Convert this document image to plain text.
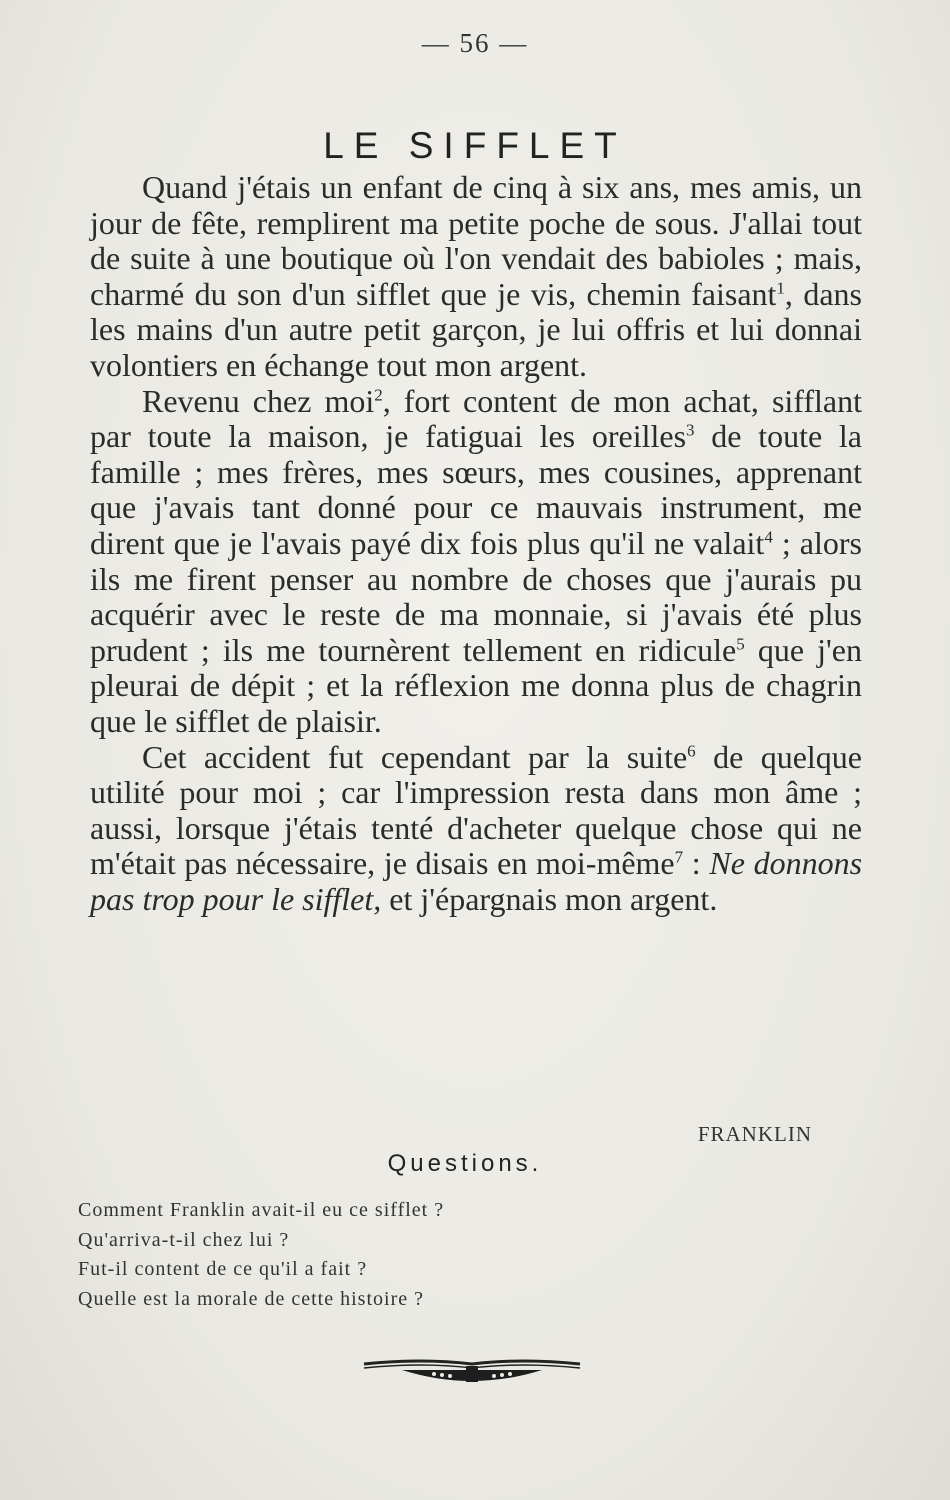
— 56 —
LE SIFFLET

Quand j'étais un enfant de cinq à six ans, mes amis, un jour de fête, remplirent ma petite poche de sous. J'allai tout de suite à une boutique où l'on vendait des babioles ; mais, charmé du son d'un sifflet que je vis, chemin faisant$^1$, dans les mains d'un autre petit garçon, je lui offris et lui donnai volontiers en échange tout mon argent.

Revenu chez moi$^2$, fort content de mon achat, sifflant par toute la maison, je fatiguai les oreilles$^3$ de toute la famille ; mes frères, mes sœurs, mes cousines, apprenant que j'avais tant donné pour ce mauvais instrument, me dirent que je l'avais payé dix fois plus qu'il ne valait$^4$ ; alors ils me firent penser au nombre de choses que j'aurais pu acquérir avec le reste de ma monnaie, si j'avais été plus prudent ; ils me tournèrent tellement en ridicule$^5$ que j'en pleurai de dépit ; et la réflexion me donna plus de chagrin que le sifflet de plaisir.

Cet accident fut cependant par la suite$^6$ de quelque utilité pour moi ; car l'impression resta dans mon âme ; aussi, lorsque j'étais tenté d'acheter quelque chose qui ne m'était pas nécessaire, je disais en moi-même$^7$ : Ne donnons pas trop pour le sifflet, et j'épargnais mon argent.

FRANKLIN
Questions.
Comment Franklin avait-il eu ce sifflet ?
Qu'arriva-t-il chez lui ?
Fut-il content de ce qu'il a fait ?
Quelle est la morale de cette histoire ?
